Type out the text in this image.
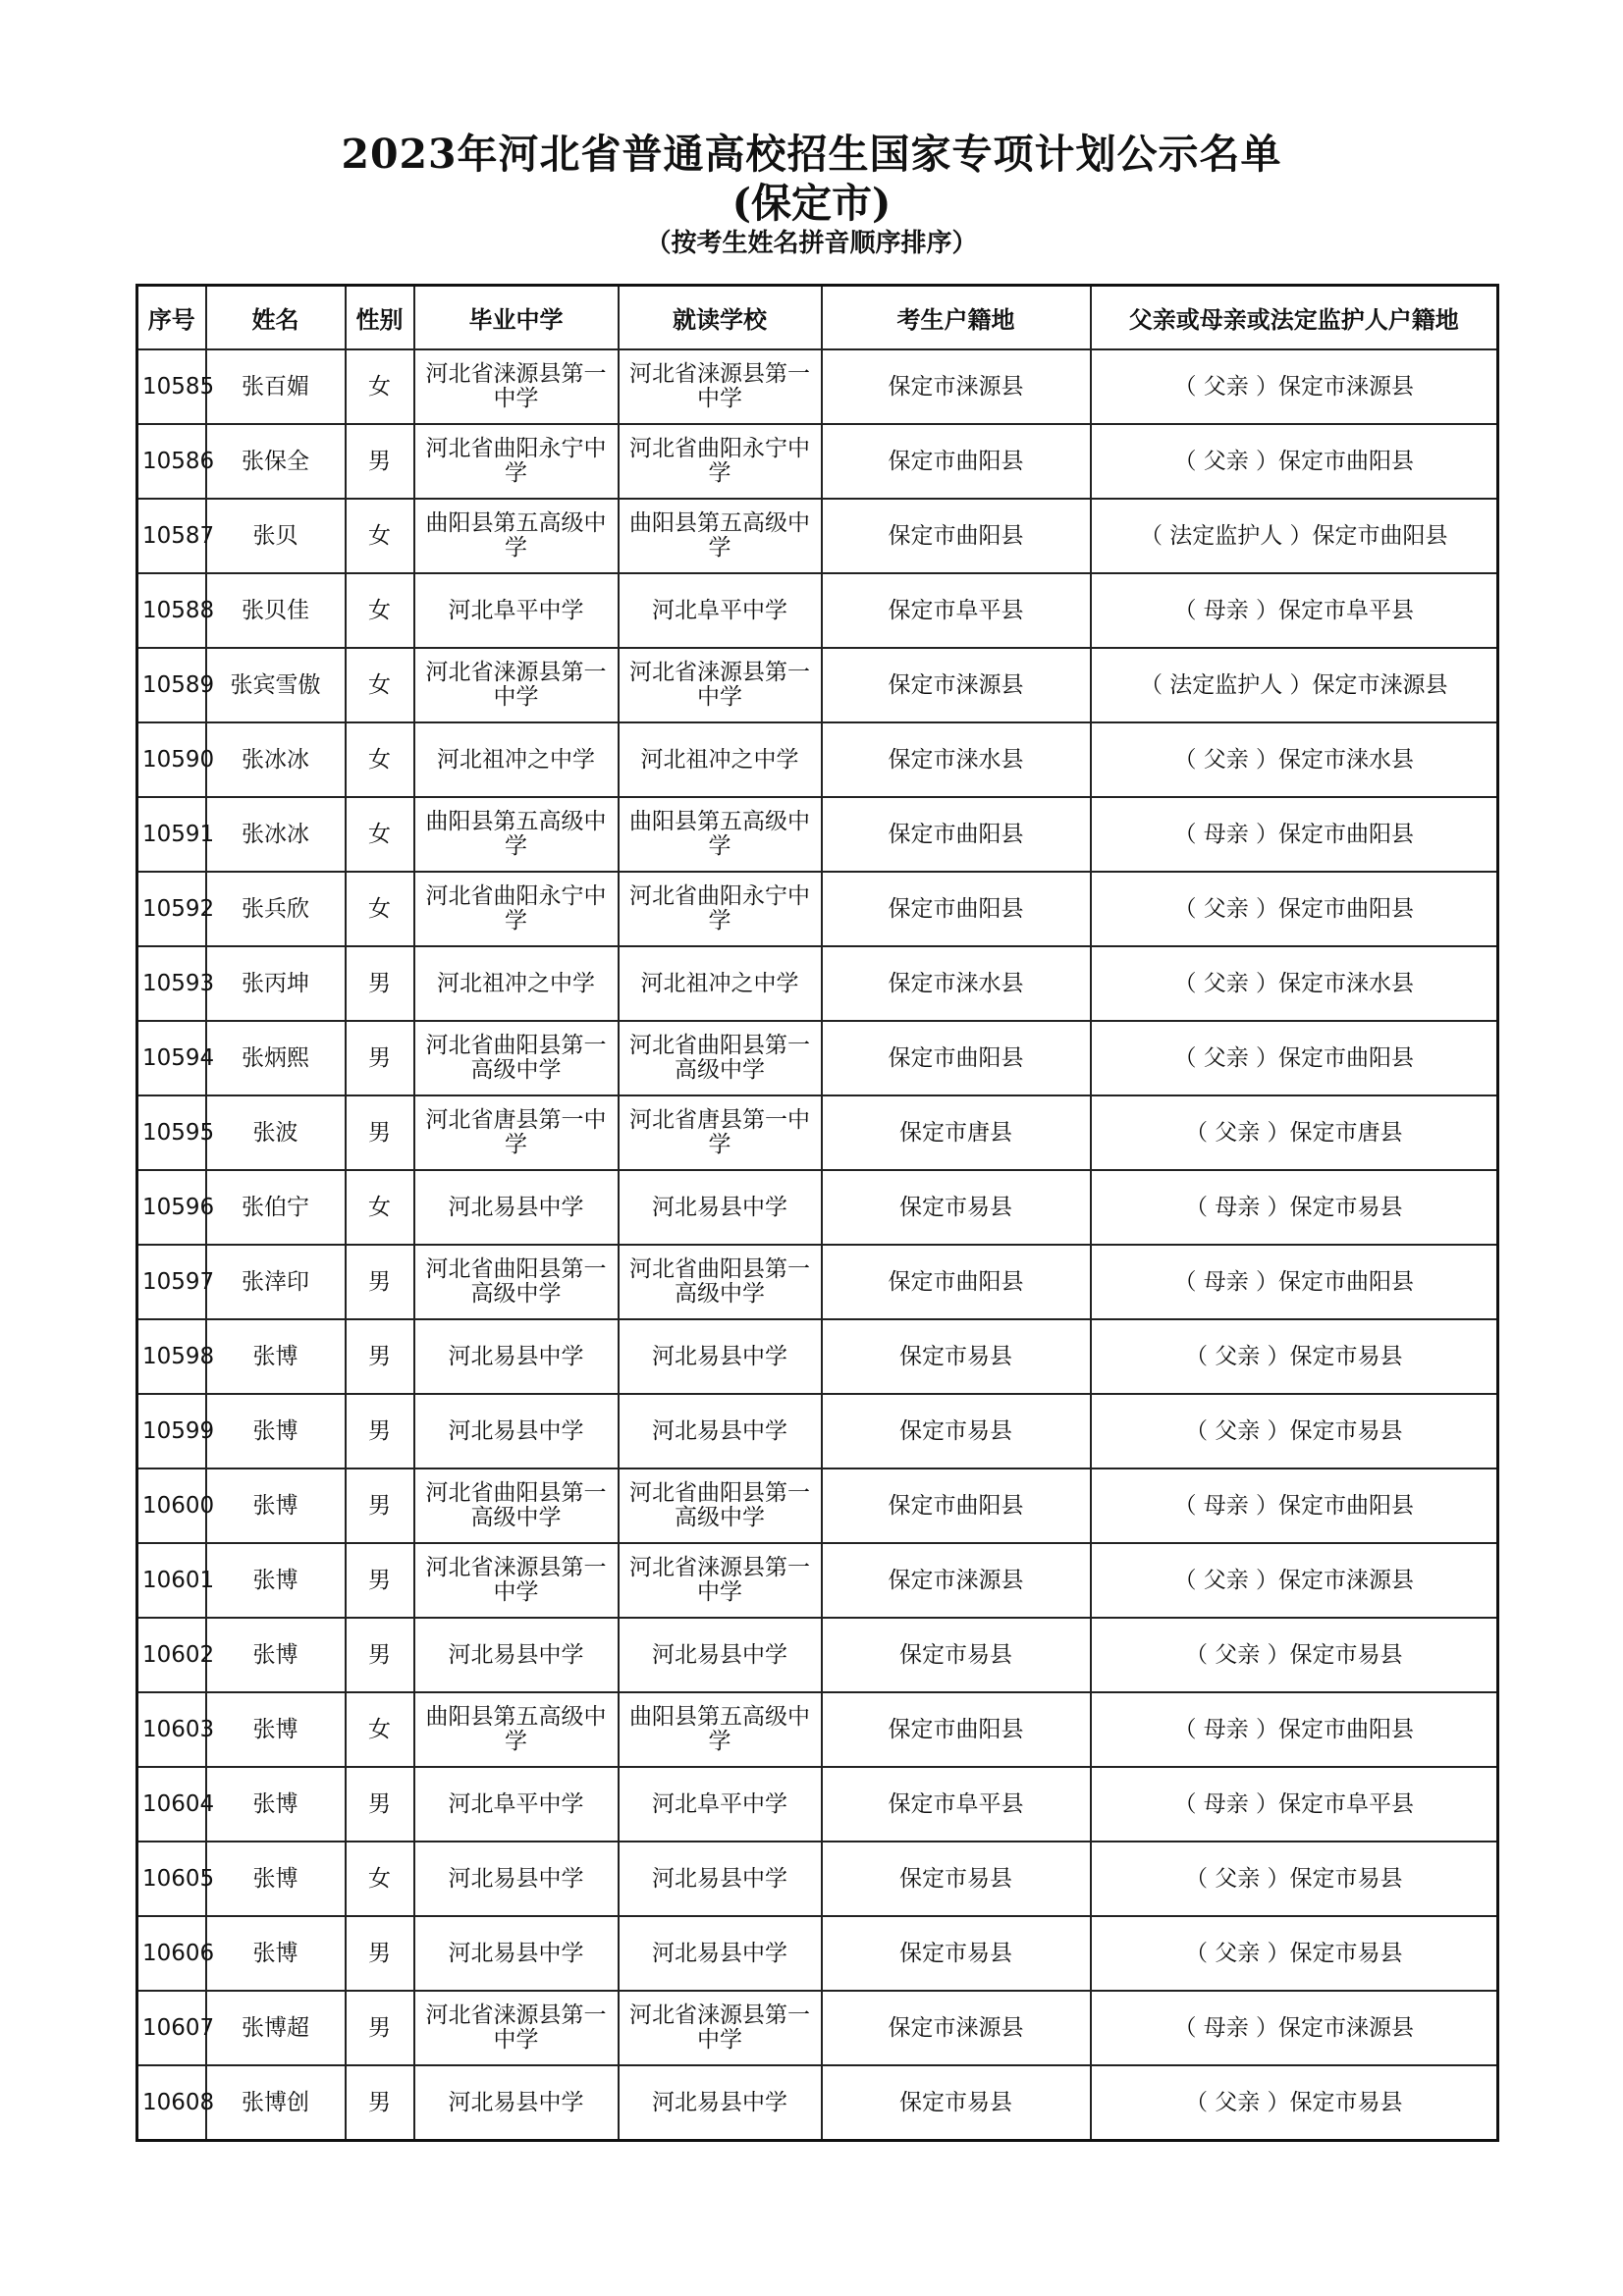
2023年河北省普通高校招生国家专项计划公示名单
(保定市)
（按考生姓名拼音顺序排序）
序号	姓名	性别	毕业中学	就读学校	考生户籍地	父亲或母亲或法定监护人户籍地
10585	张百媚	女	河北省涞源县第一中学	河北省涞源县第一中学	保定市涞源县	（ 父亲 ）保定市涞源县
10586	张保全	男	河北省曲阳永宁中学	河北省曲阳永宁中学	保定市曲阳县	（ 父亲 ）保定市曲阳县
10587	张贝	女	曲阳县第五高级中学	曲阳县第五高级中学	保定市曲阳县	（ 法定监护人 ）保定市曲阳县
10588	张贝佳	女	河北阜平中学	河北阜平中学	保定市阜平县	（ 母亲 ）保定市阜平县
10589	张宾雪傲	女	河北省涞源县第一中学	河北省涞源县第一中学	保定市涞源县	（ 法定监护人 ）保定市涞源县
10590	张冰冰	女	河北祖冲之中学	河北祖冲之中学	保定市涞水县	（ 父亲 ）保定市涞水县
10591	张冰冰	女	曲阳县第五高级中学	曲阳县第五高级中学	保定市曲阳县	（ 母亲 ）保定市曲阳县
10592	张兵欣	女	河北省曲阳永宁中学	河北省曲阳永宁中学	保定市曲阳县	（ 父亲 ）保定市曲阳县
10593	张丙坤	男	河北祖冲之中学	河北祖冲之中学	保定市涞水县	（ 父亲 ）保定市涞水县
10594	张炳熙	男	河北省曲阳县第一高级中学	河北省曲阳县第一高级中学	保定市曲阳县	（ 父亲 ）保定市曲阳县
10595	张波	男	河北省唐县第一中学	河北省唐县第一中学	保定市唐县	（ 父亲 ）保定市唐县
10596	张伯宁	女	河北易县中学	河北易县中学	保定市易县	（ 母亲 ）保定市易县
10597	张涬印	男	河北省曲阳县第一高级中学	河北省曲阳县第一高级中学	保定市曲阳县	（ 母亲 ）保定市曲阳县
10598	张博	男	河北易县中学	河北易县中学	保定市易县	（ 父亲 ）保定市易县
10599	张博	男	河北易县中学	河北易县中学	保定市易县	（ 父亲 ）保定市易县
10600	张博	男	河北省曲阳县第一高级中学	河北省曲阳县第一高级中学	保定市曲阳县	（ 母亲 ）保定市曲阳县
10601	张博	男	河北省涞源县第一中学	河北省涞源县第一中学	保定市涞源县	（ 父亲 ）保定市涞源县
10602	张博	男	河北易县中学	河北易县中学	保定市易县	（ 父亲 ）保定市易县
10603	张博	女	曲阳县第五高级中学	曲阳县第五高级中学	保定市曲阳县	（ 母亲 ）保定市曲阳县
10604	张博	男	河北阜平中学	河北阜平中学	保定市阜平县	（ 母亲 ）保定市阜平县
10605	张博	女	河北易县中学	河北易县中学	保定市易县	（ 父亲 ）保定市易县
10606	张博	男	河北易县中学	河北易县中学	保定市易县	（ 父亲 ）保定市易县
10607	张博超	男	河北省涞源县第一中学	河北省涞源县第一中学	保定市涞源县	（ 母亲 ）保定市涞源县
10608	张博创	男	河北易县中学	河北易县中学	保定市易县	（ 父亲 ）保定市易县
